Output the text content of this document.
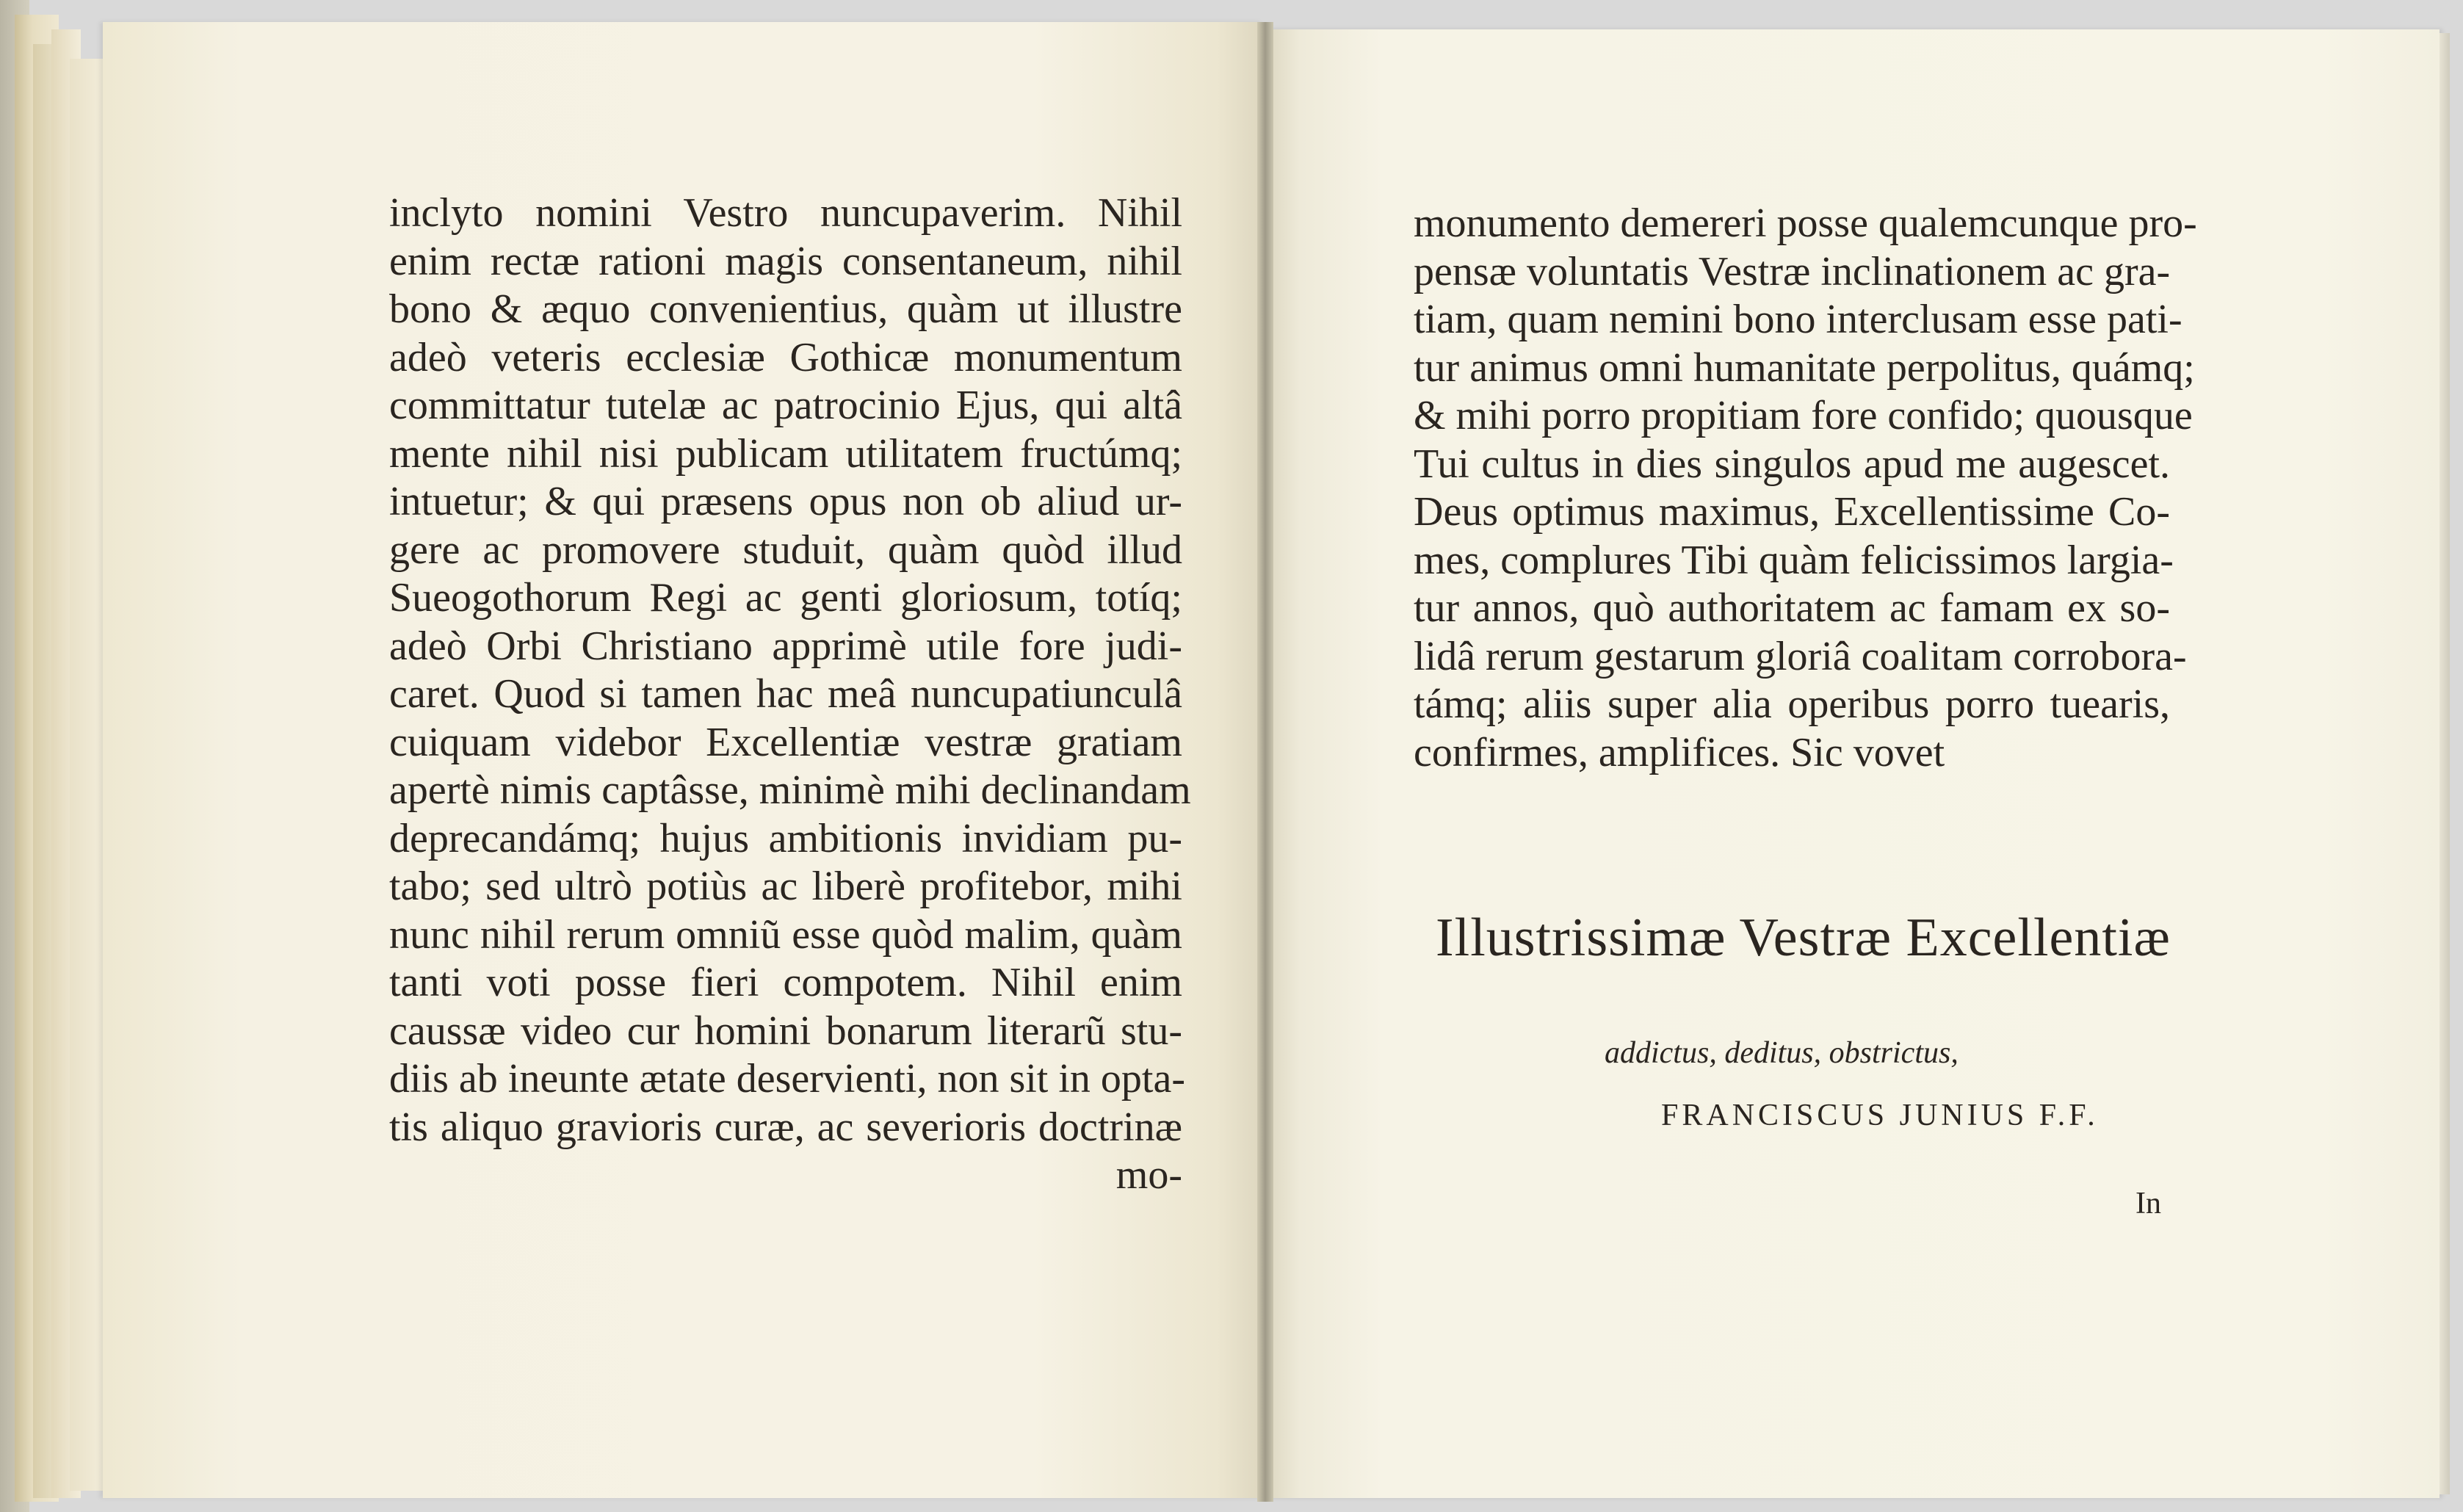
inclyto nomini Vestro nuncupaverim. Nihil
enim rectæ rationi magis consentaneum, nihil
bono & æquo convenientius, quàm ut illustre
adeò veteris ecclesiæ Gothicæ monumentum
committatur tutelæ ac patrocinio Ejus, qui altâ
mente nihil nisi publicam utilitatem fructúmq;
intuetur; & qui præsens opus non ob aliud ur-
gere ac promovere studuit, quàm quòd illud
Sueogothorum Regi ac genti gloriosum, totíq;
adeò Orbi Christiano apprimè utile fore judi-
caret. Quod si tamen hac meâ nuncupatiunculâ
cuiquam videbor Excellentiæ vestræ gratiam
apertè nimis captâsse, minimè mihi declinandam
deprecandámq; hujus ambitionis invidiam pu-
tabo; sed ultrò potiùs ac liberè profitebor, mihi
nunc nihil rerum omniũ esse quòd malim, quàm
tanti voti posse fieri compotem. Nihil enim
caussæ video cur homini bonarum literarũ stu-
diis ab ineunte ætate deservienti, non sit in opta-
tis aliquo gravioris curæ, ac severioris doctrinæ
mo-
monumento demereri posse qualemcunque pro-
pensæ voluntatis Vestræ inclinationem ac gra-
tiam, quam nemini bono interclusam esse pati-
tur animus omni humanitate perpolitus, quámq;
& mihi porro propitiam fore confido; quousque
Tui cultus in dies singulos apud me augescet.
Deus optimus maximus, Excellentissime Co-
mes, complures Tibi quàm felicissimos largia-
tur annos, quò authoritatem ac famam ex so-
lidâ rerum gestarum gloriâ coalitam corrobora-
támq; aliis super alia operibus porro tuearis,
confirmes, amplifices. Sic vovet
Illustrissimæ Vestræ Excellentiæ
addictus, deditus, obstrictus,
FRANCISCUS JUNIUS F.F.
In
